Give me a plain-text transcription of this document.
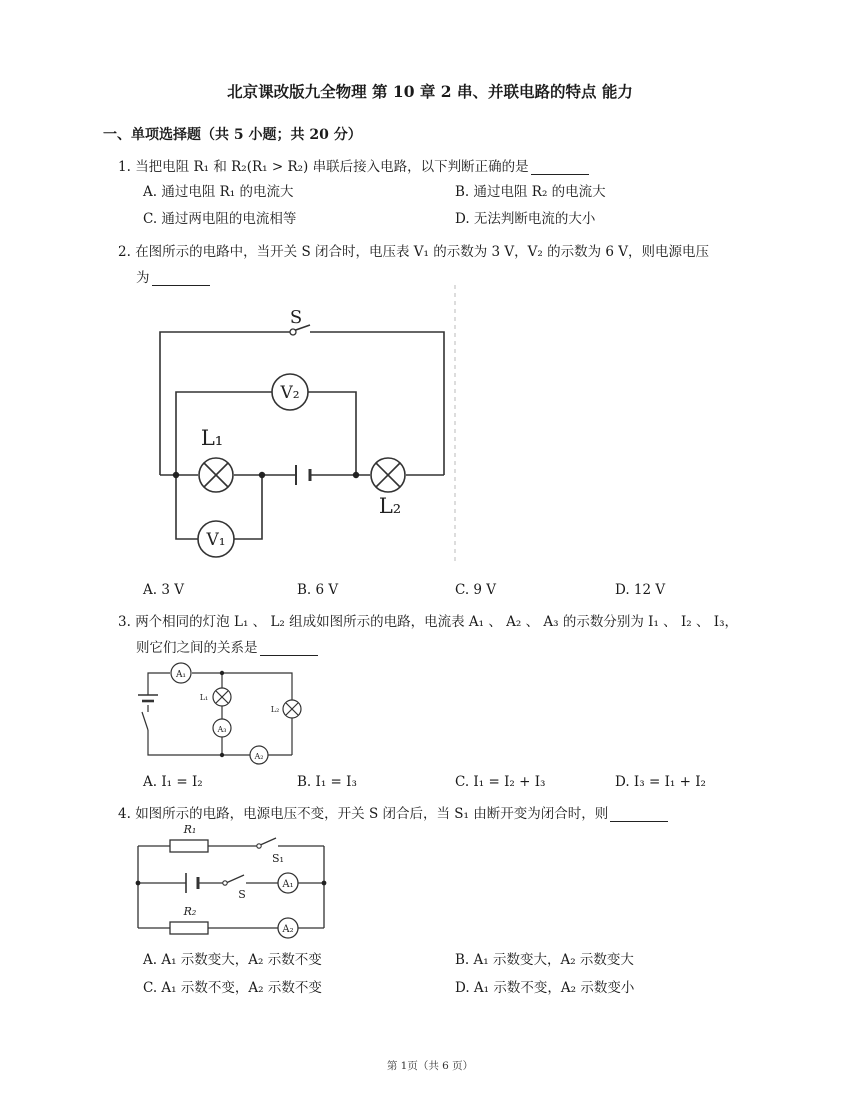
北京课改版九全物理 第 10 章 2 串、并联电路的特点 能力
一、单项选择题（共 5 小题；共 20 分）
1. 当把电阻 R₁ 和 R₂(R₁ > R₂) 串联后接入电路，以下判断正确的是
A. 通过电阻 R₁ 的电流大	B. 通过电阻 R₂ 的电流大
C. 通过两电阻的电流相等	D. 无法判断电流的大小
2. 在图所示的电路中，当开关 S 闭合时，电压表 V₁ 的示数为 3 V，V₂ 的示数为 6 V，则电源电压
为
V₂
V₁
S
L₁
L₂
A. 3 V	B. 6 V	C. 9 V	D. 12 V
3. 两个相同的灯泡 L₁ 、 L₂ 组成如图所示的电路，电流表 A₁ 、 A₂ 、 A₃ 的示数分别为 I₁ 、 I₂ 、 I₃，
则它们之间的关系是
A₁
A₃
A₂
L₁
L₂
A. I₁ = I₂	B. I₁ = I₃	C. I₁ = I₂ + I₃	D. I₃ = I₁ + I₂
4. 如图所示的电路，电源电压不变，开关 S 闭合后，当 S₁ 由断开变为闭合时，则
A₁
A₂
R₁
R₂
S₁
S
A. A₁ 示数变大，A₂ 示数不变	B. A₁ 示数变大，A₂ 示数变大
C. A₁ 示数不变，A₂ 示数不变	D. A₁ 示数不变，A₂ 示数变小
第 1页（共 6 页）
